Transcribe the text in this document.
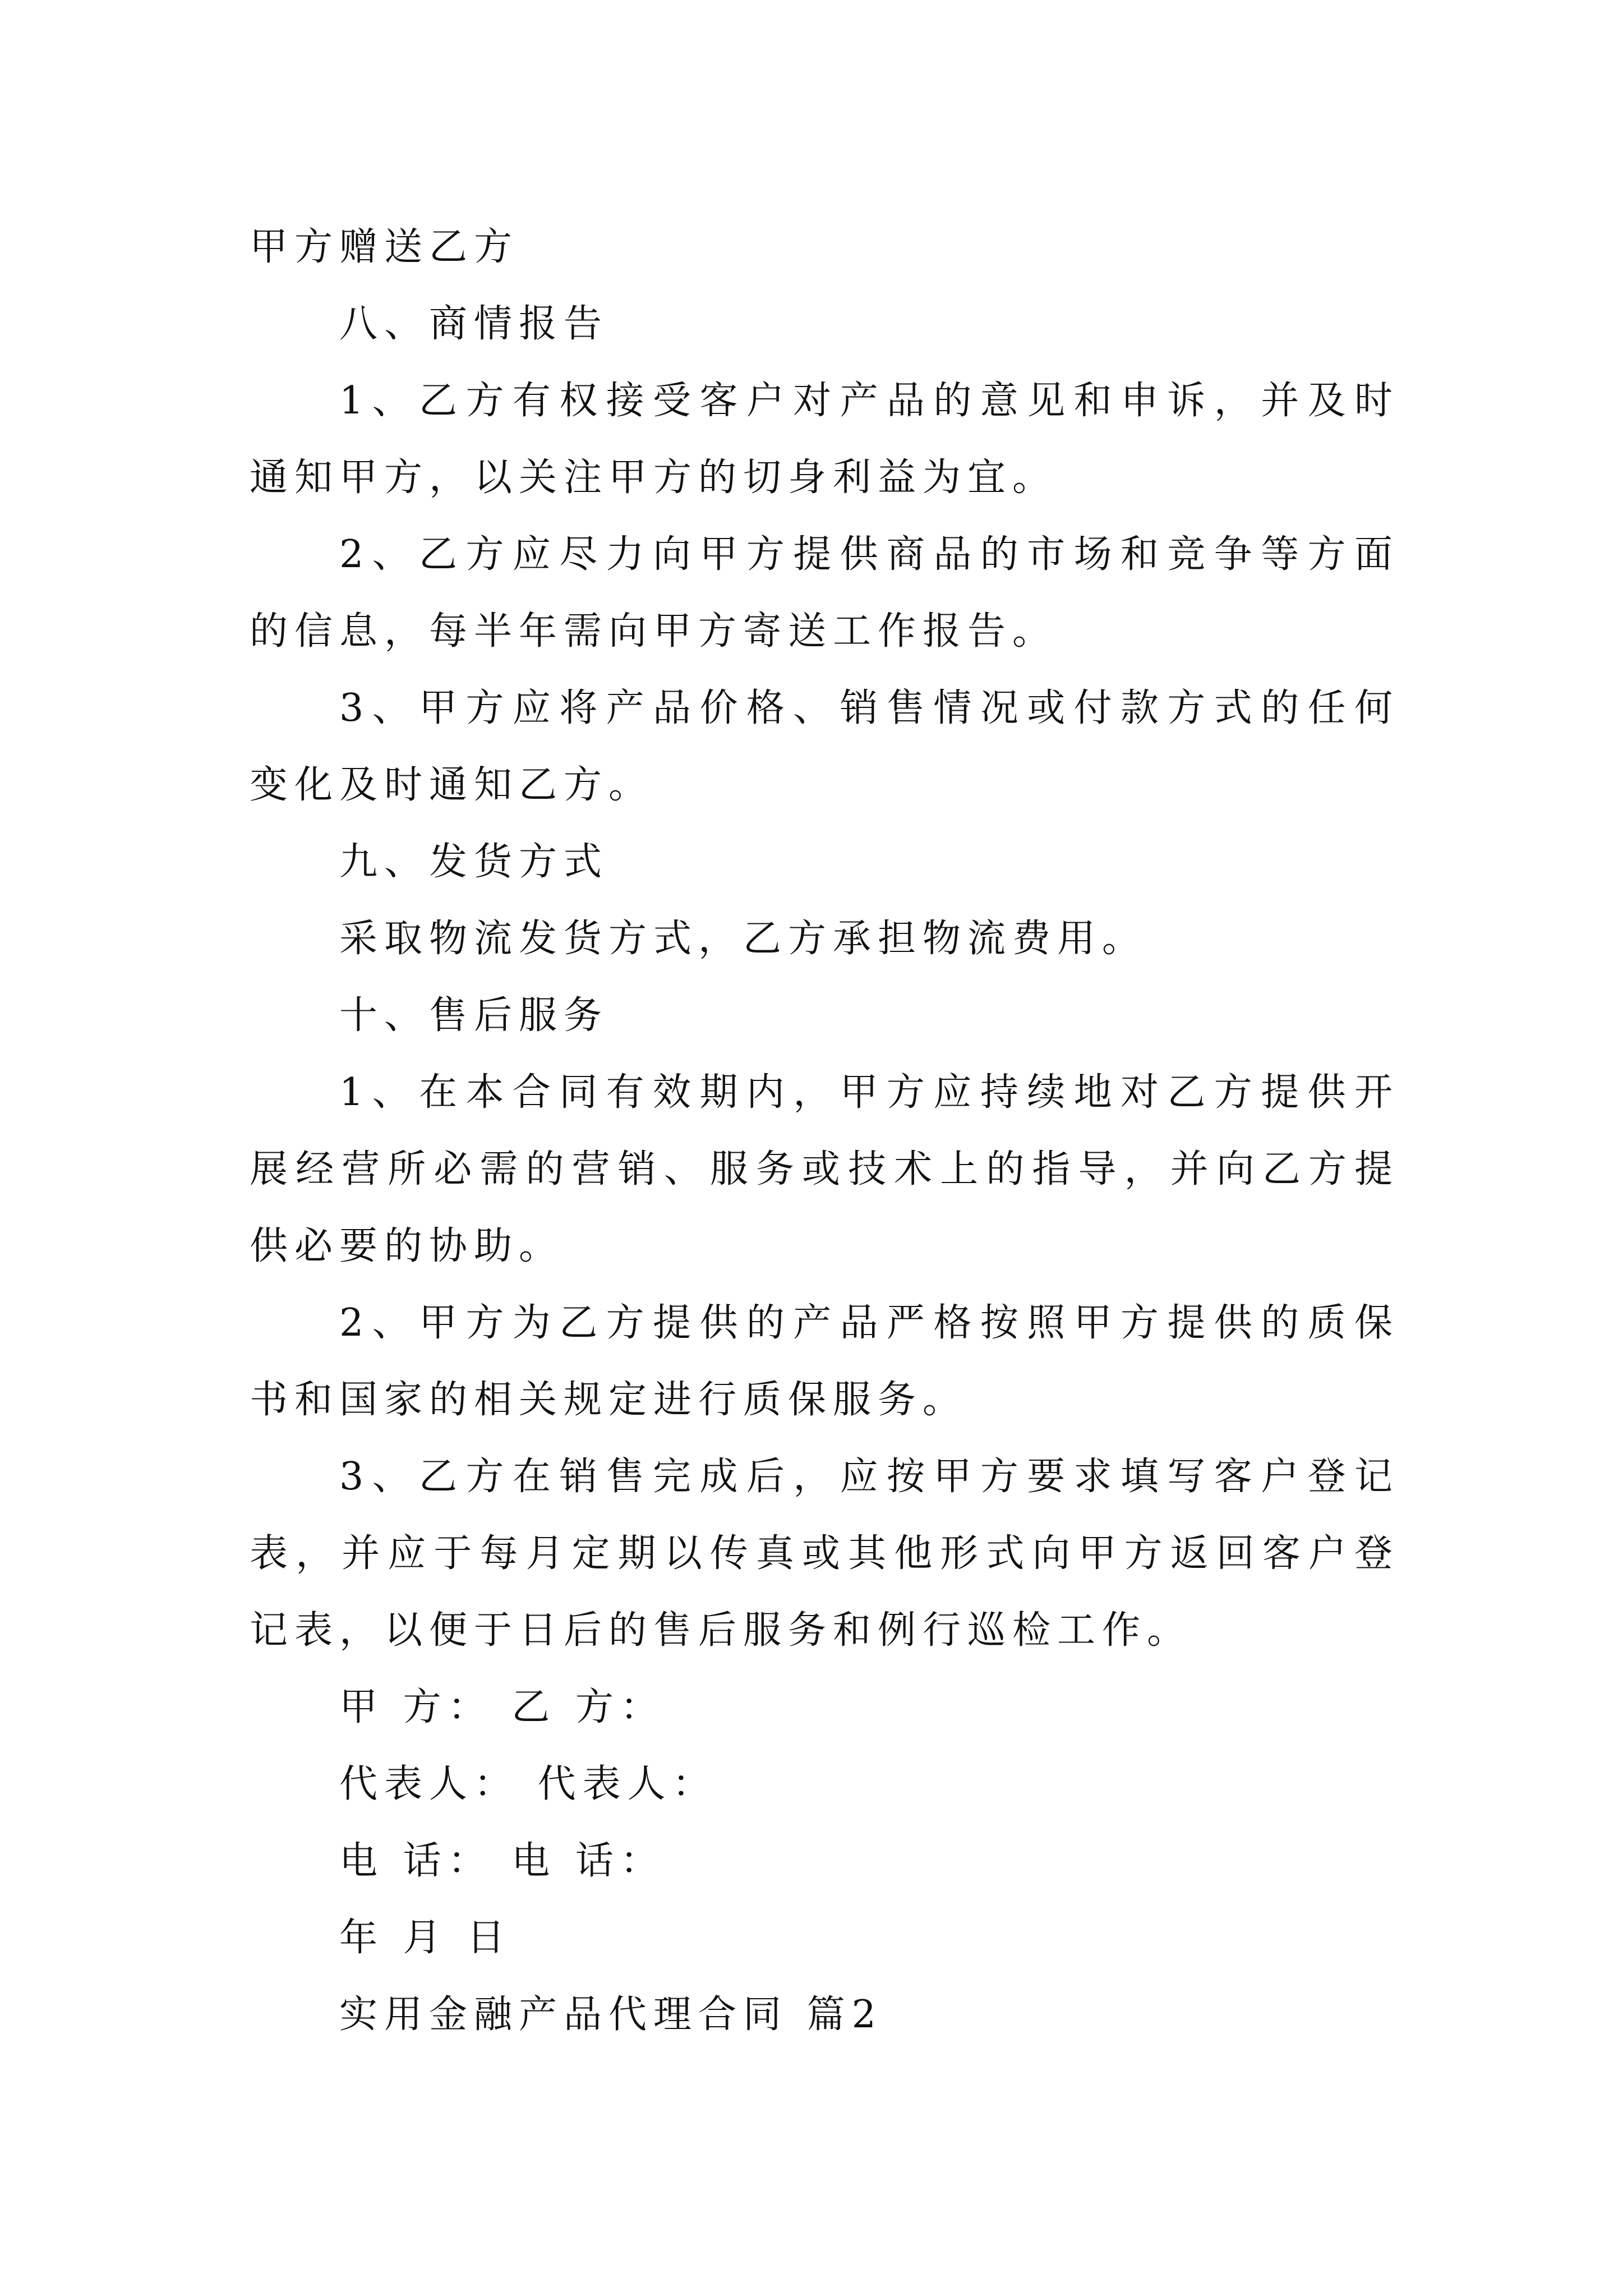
甲方赠送乙方

八、商情报告

1、乙方有权接受客户对产品的意见和申诉，并及时通知甲方，以关注甲方的切身利益为宜。

2、乙方应尽力向甲方提供商品的市场和竞争等方面的信息，每半年需向甲方寄送工作报告。

3、甲方应将产品价格、销售情况或付款方式的任何变化及时通知乙方。

九、发货方式

采取物流发货方式，乙方承担物流费用。

十、售后服务

1、在本合同有效期内，甲方应持续地对乙方提供开展经营所必需的营销、服务或技术上的指导，并向乙方提供必要的协助。

2、甲方为乙方提供的产品严格按照甲方提供的质保书和国家的相关规定进行质保服务。

3、乙方在销售完成后，应按甲方要求填写客户登记表，并应于每月定期以传真或其他形式向甲方返回客户登记表，以便于日后的售后服务和例行巡检工作。

甲 方： 乙 方：

代表人： 代表人：

电 话： 电 话：

年 月 日

实用金融产品代理合同 篇2
